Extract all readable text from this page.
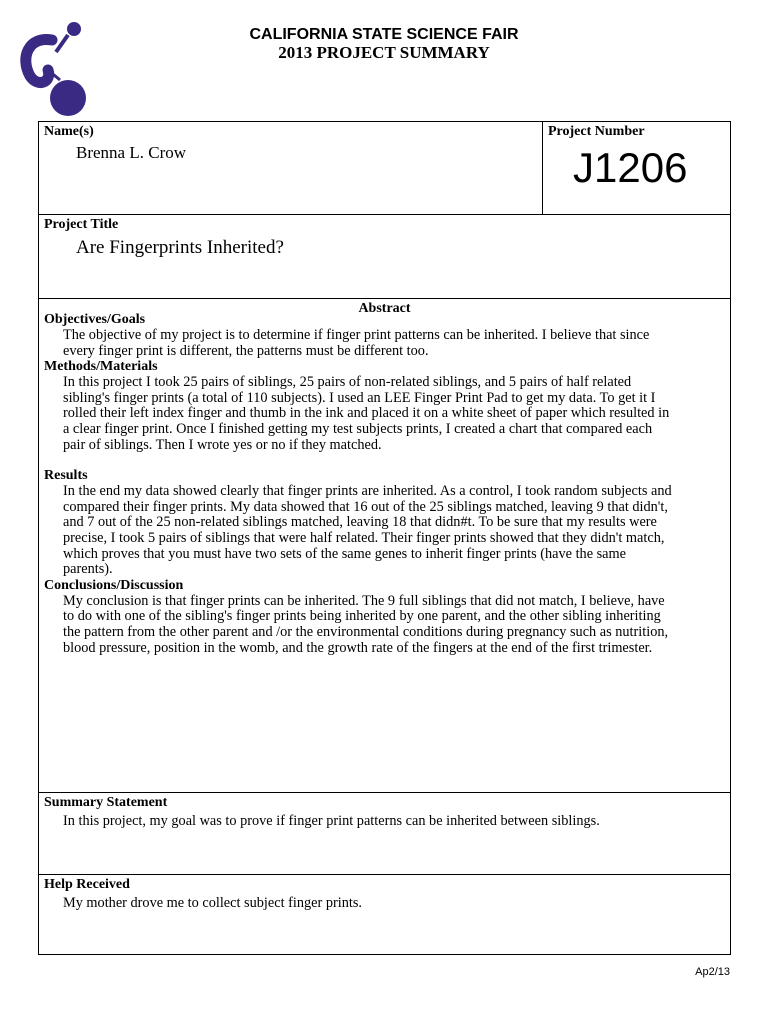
CALIFORNIA STATE SCIENCE FAIR
2013 PROJECT SUMMARY
Name(s)
Brenna L. Crow
Project Number
J1206
Project Title
Are Fingerprints Inherited?
Abstract
Objectives/Goals
The objective of my project is to determine if finger print patterns can be inherited. I believe that since
every finger print is different, the patterns must be different too.
Methods/Materials
In this project I took 25 pairs of siblings, 25 pairs of non-related siblings, and 5 pairs of half related
sibling's finger prints (a total of 110 subjects). I used an LEE Finger Print Pad to get my data. To get it I
rolled their left index finger and thumb in the ink and placed it on a white sheet of paper which resulted in
a clear finger print. Once I finished getting my test subjects prints, I created a chart that compared each
pair of siblings. Then I wrote yes or no if they matched.
Results
In the end my data showed clearly that finger prints are inherited. As a control, I took random subjects and
compared their finger prints. My data showed that 16 out of the 25 siblings matched, leaving 9 that didn't,
and 7 out of the 25 non-related siblings matched, leaving 18 that didn#t. To be sure that my results were
precise, I took 5 pairs of siblings that were half related. Their finger prints showed that they didn't match,
which proves that you must have two sets of the same genes to inherit finger prints (have the same
parents).
Conclusions/Discussion
My conclusion is that finger prints can be inherited. The 9 full siblings that did not match, I believe, have
to do with one of the sibling's finger prints being inherited by one parent, and the other sibling inheriting
the pattern from the other parent and /or the environmental conditions during pregnancy such as nutrition,
blood pressure, position in the womb, and the growth rate of the fingers at the end of the first trimester.
Summary Statement
In this project, my goal was to prove if finger print patterns can be inherited between siblings.
Help Received
My mother drove me to collect subject finger prints.
Ap2/13
